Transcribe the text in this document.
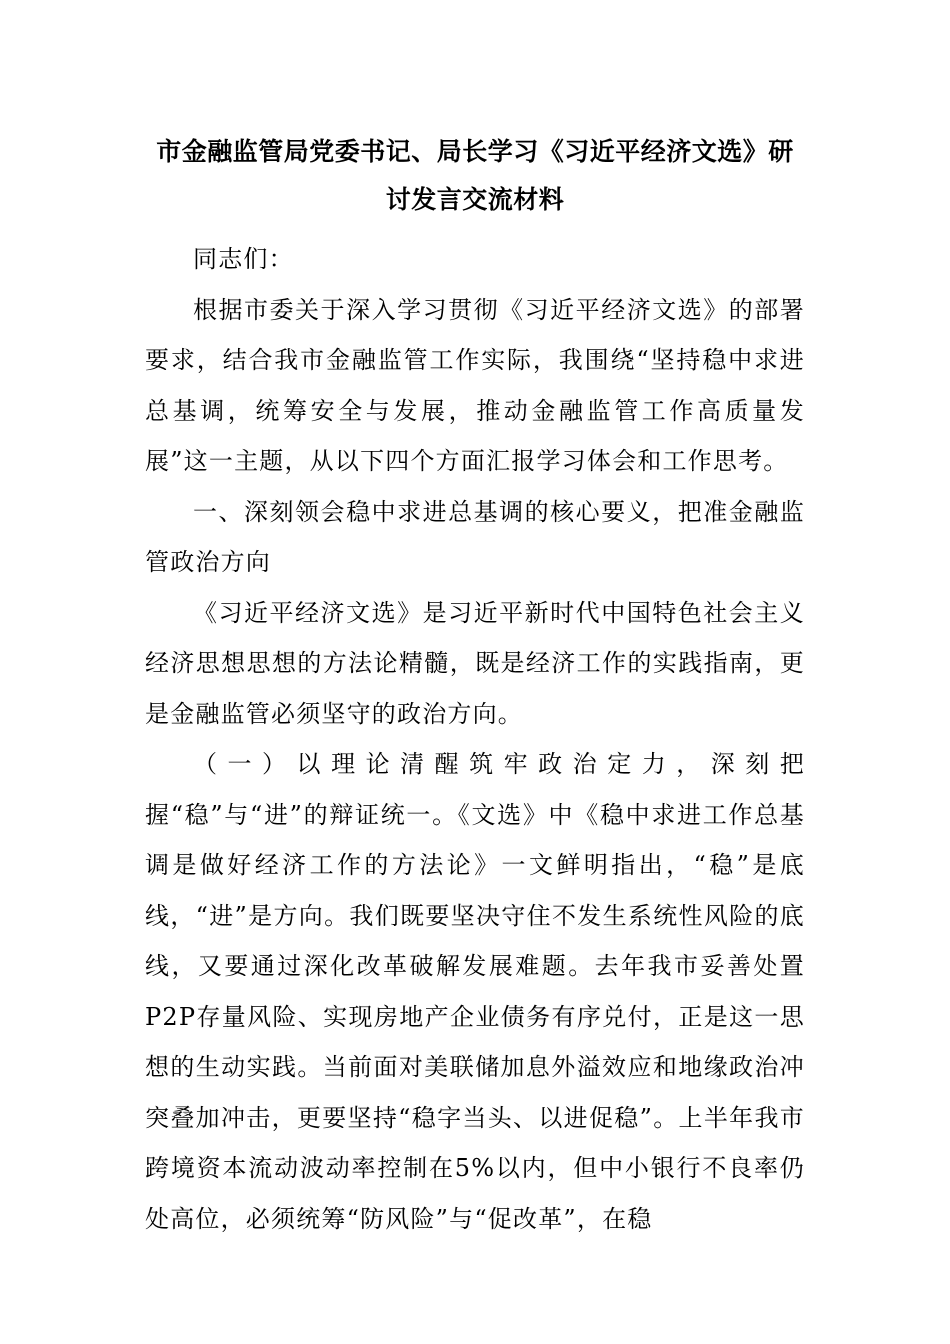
市金融监管局党委书记、局长学习《习近平经济文选》研讨发言交流材料

同志们：

根据市委关于深入学习贯彻《习近平经济文选》的部署要求，结合我市金融监管工作实际，我围绕“坚持稳中求进总基调，统筹安全与发展，推动金融监管工作高质量发展”这一主题，从以下四个方面汇报学习体会和工作思考。

一、深刻领会稳中求进总基调的核心要义，把准金融监管政治方向

《习近平经济文选》是习近平新时代中国特色社会主义经济思想思想的方法论精髓，既是经济工作的实践指南，更是金融监管必须坚守的政治方向。

（一）以理论清醒筑牢政治定力，深刻把握“稳”与“进”的辩证统一。《文选》中《稳中求进工作总基调是做好经济工作的方法论》一文鲜明指出，“稳”是底线，“进”是方向。我们既要坚决守住不发生系统性风险的底线，又要通过深化改革破解发展难题。去年我市妥善处置P2P存量风险、实现房地产企业债务有序兑付，正是这一思想的生动实践。当前面对美联储加息外溢效应和地缘政治冲突叠加冲击，更要坚持“稳字当头、以进促稳”。上半年我市跨境资本流动波动率控制在5%以内，但中小银行不良率仍处高位，必须统筹“防风险”与“促改革”，在稳
